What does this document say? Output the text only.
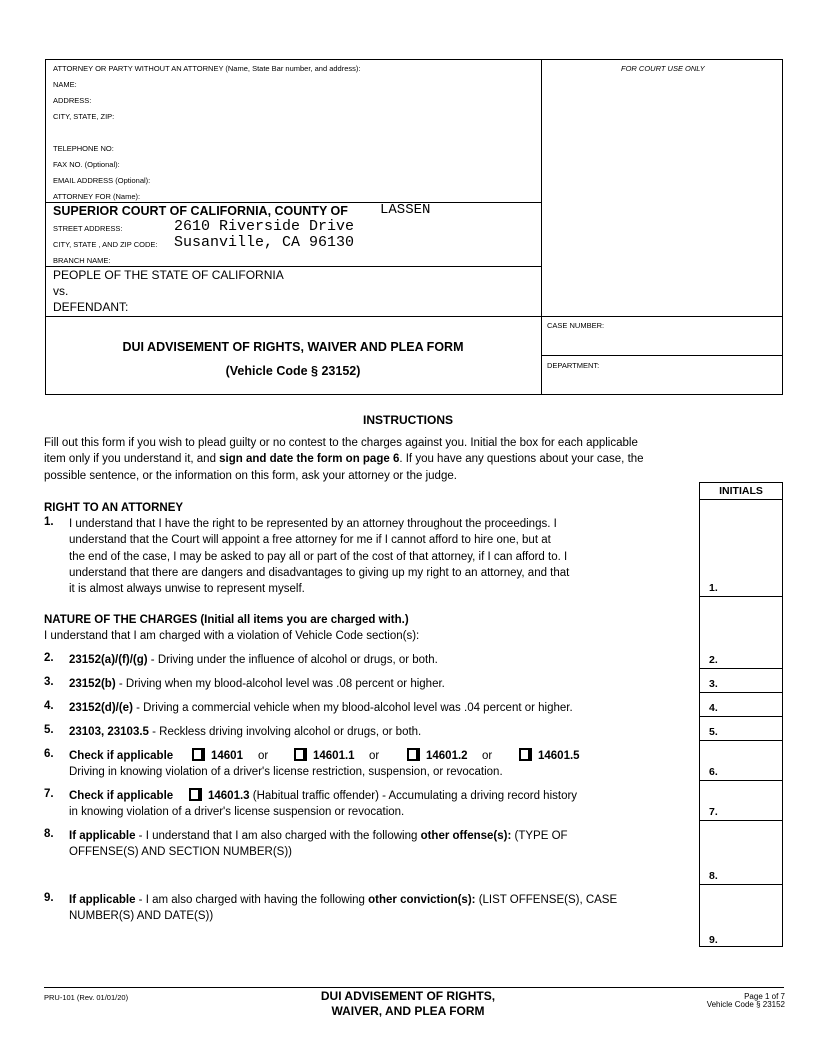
ATTORNEY OR PARTY WITHOUT AN ATTORNEY (Name, State Bar number, and address):
NAME:
ADDRESS:
CITY, STATE, ZIP:
TELEPHONE NO:
FAX NO. (Optional):
EMAIL ADDRESS (Optional):
ATTORNEY FOR (Name):
FOR COURT USE ONLY
SUPERIOR COURT OF CALIFORNIA, COUNTY OF LASSEN
STREET ADDRESS:	2610 Riverside Drive
CITY, STATE , AND ZIP CODE: Susanville, CA 96130
BRANCH NAME:
PEOPLE OF THE STATE OF CALIFORNIA
vs.
DEFENDANT:
CASE NUMBER:
DEPARTMENT:
DUI ADVISEMENT OF RIGHTS, WAIVER AND PLEA FORM
(Vehicle Code § 23152)
INSTRUCTIONS
Fill out this form if you wish to plead guilty or no contest to the charges against you. Initial the box for each applicable
item only if you understand it, and sign and date the form on page 6. If you have any questions about your case, the
possible sentence, or the information on this form, ask your attorney or the judge.
INITIALS
1.
2.
3.
4.
5.
6.
7.
8.
9.
RIGHT TO AN ATTORNEY
1. I understand that I have the right to be represented by an attorney throughout the proceedings. I
understand that the Court will appoint a free attorney for me if I cannot afford to hire one, but at
the end of the case, I may be asked to pay all or part of the cost of that attorney, if I can afford to. I
understand that there are dangers and disadvantages to giving up my right to an attorney, and that
it is almost always unwise to represent myself.
NATURE OF THE CHARGES (Initial all items you are charged with.)
I understand that I am charged with a violation of Vehicle Code section(s):
2. 23152(a)/(f)/(g) - Driving under the influence of alcohol or drugs, or both.
3. 23152(b) - Driving when my blood-alcohol level was .08 percent or higher.
4. 23152(d)/(e) - Driving a commercial vehicle when my blood-alcohol level was .04 percent or higher.
5. 23103, 23103.5 - Reckless driving involving alcohol or drugs, or both.
6. Check if applicable	14601 or	14601.1 or	14601.2 or	14601.5
Driving in knowing violation of a driver's license restriction, suspension, or revocation.
7. Check if applicable	14601.3 (Habitual traffic offender) - Accumulating a driving record history
in knowing violation of a driver's license suspension or revocation.
8. If applicable - I understand that I am also charged with the following other offense(s): (TYPE OF
OFFENSE(S) AND SECTION NUMBER(S))
9. If applicable - I am also charged with having the following other conviction(s): (LIST OFFENSE(S), CASE
NUMBER(S) AND DATE(S))
PRU-101 (Rev. 01/01/20)	DUI ADVISEMENT OF RIGHTS,
WAIVER, AND PLEA FORM
Page 1 of 7
Vehicle Code § 23152
